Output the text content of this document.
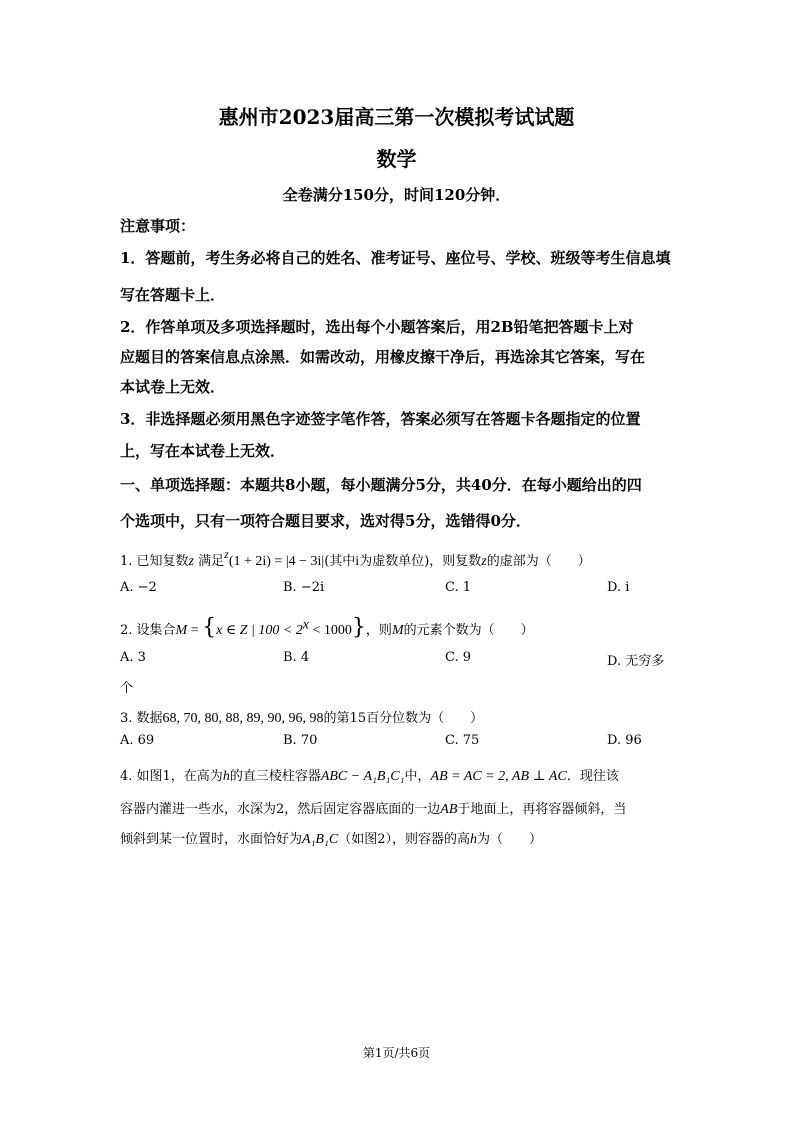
惠州市2023届高三第一次模拟考试试题
数学
全卷满分150分，时间120分钟．
注意事项：
1．答题前，考生务必将自己的姓名、准考证号、座位号、学校、班级等考生信息填
写在答题卡上．
2．作答单项及多项选择题时，选出每个小题答案后，用2B铅笔把答题卡上对
应题目的答案信息点涂黑．如需改动，用橡皮擦干净后，再选涂其它答案，写在
本试卷上无效．
3．非选择题必须用黑色字迹签字笔作答，答案必须写在答题卡各题指定的位置
上，写在本试卷上无效．
一、单项选择题：本题共8小题，每小题满分5分，共40分．在每小题给出的四
个选项中，只有一项符合题目要求，选对得5分，选错得0分．
1. 已知复数z 满足z(1 + 2i) = |4 − 3i|(其中i为虚数单位)，则复数z的虚部为（　　）
A. −2	B. −2i	C. 1	D. i
2. 设集合M = {x ∈ Z | $100 < 2^x < 1000$}，则M的元素个数为（　　）
A. 3	B. 4	C. 9	D. 无穷多
个
3. 数据68, 70, 80, 88, 89, 90, 96, 98的第15百分位数为（　　）
A. 69	B. 70	C. 75	D. 96
4. 如图1，在高为h的直三棱柱容器ABC − A₁B₁C₁中，AB = AC = 2, AB ⊥ AC．现往该
容器内灌进一些水，水深为2，然后固定容器底面的一边AB于地面上，再将容器倾斜，当
倾斜到某一位置时，水面恰好为A₁B₁C（如图2），则容器的高h为（　　）
第1页/共6页
